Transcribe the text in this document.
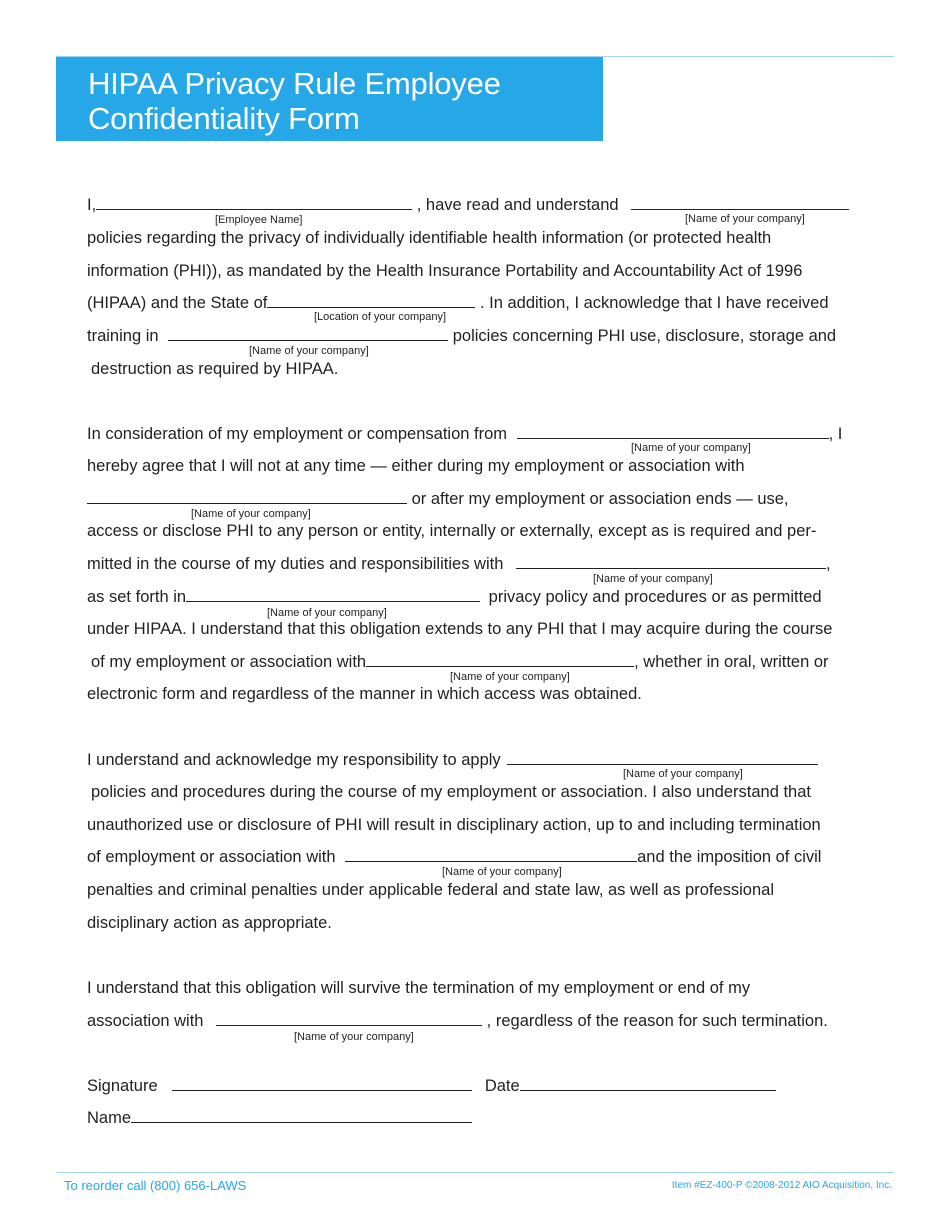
HIPAA Privacy Rule Employee
Confidentiality Form
I,	, have read and understand
[Employee Name]	[Name of your company]
policies regarding the privacy of individually identifiable health information (or protected health
information (PHI)), as mandated by the Health Insurance Portability and Accountability Act of 1996
(HIPAA) and the State of	. In addition, I acknowledge that I have received
[Location of your company]
training in	policies concerning PHI use, disclosure, storage and
[Name of your company]
destruction as required by HIPAA.
In consideration of my employment or compensation from	, I
[Name of your company]
hereby agree that I will not at any time — either during my employment or association with
or after my employment or association ends — use,
[Name of your company]
access or disclose PHI to any person or entity, internally or externally, except as is required and per-
mitted in the course of my duties and responsibilities with	,
[Name of your company]
as set forth in	privacy policy and procedures or as permitted
[Name of your company]
under HIPAA. I understand that this obligation extends to any PHI that I may acquire during the course
of my employment or association with	, whether in oral, written or
[Name of your company]
electronic form and regardless of the manner in which access was obtained.
I understand and acknowledge my responsibility to apply
[Name of your company]
policies and procedures during the course of my employment or association. I also understand that
unauthorized use or disclosure of PHI will result in disciplinary action, up to and including termination
of employment or association with	and the imposition of civil
[Name of your company]
penalties and criminal penalties under applicable federal and state law, as well as professional
disciplinary action as appropriate.
I understand that this obligation will survive the termination of my employment or end of my
association with	, regardless of the reason for such termination.
[Name of your company]
Signature	Date
Name
To reorder call (800) 656-LAWS	Item #EZ-400-P ©2008-2012 AIO Acquisition, Inc.
